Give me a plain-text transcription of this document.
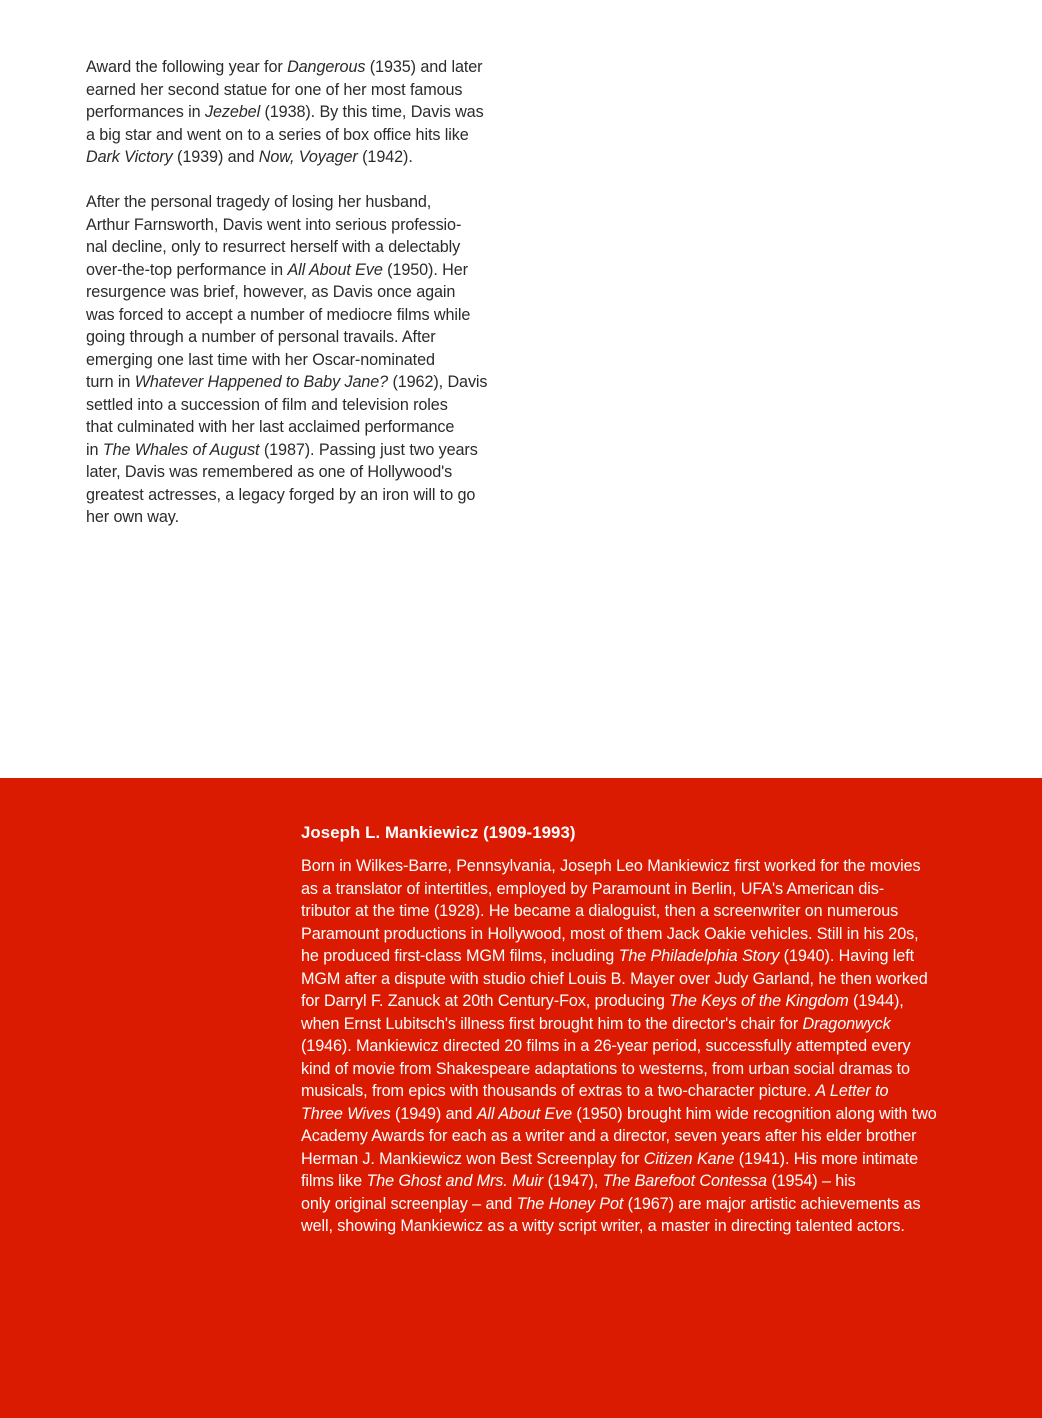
Award the following year for Dangerous (1935) and later
earned her second statue for one of her most famous
performances in Jezebel (1938). By this time, Davis was
a big star and went on to a series of box office hits like
Dark Victory (1939) and Now, Voyager (1942).

After the personal tragedy of losing her husband,
Arthur Farnsworth, Davis went into serious professio-
nal decline, only to resurrect herself with a delectably
over-the-top performance in All About Eve (1950). Her
resurgence was brief, however, as Davis once again
was forced to accept a number of mediocre films while
going through a number of personal travails. After
emerging one last time with her Oscar-nominated
turn in Whatever Happened to Baby Jane? (1962), Davis
settled into a succession of film and television roles
that culminated with her last acclaimed performance
in The Whales of August (1987). Passing just two years
later, Davis was remembered as one of Hollywood's
greatest actresses, a legacy forged by an iron will to go
her own way.

Joseph L. Mankiewicz (1909-1993)

Born in Wilkes-Barre, Pennsylvania, Joseph Leo Mankiewicz first worked for the movies
as a translator of intertitles, employed by Paramount in Berlin, UFA's American dis-
tributor at the time (1928). He became a dialoguist, then a screenwriter on numerous
Paramount productions in Hollywood, most of them Jack Oakie vehicles. Still in his 20s,
he produced first-class MGM films, including The Philadelphia Story (1940). Having left
MGM after a dispute with studio chief Louis B. Mayer over Judy Garland, he then worked
for Darryl F. Zanuck at 20th Century-Fox, producing The Keys of the Kingdom (1944),
when Ernst Lubitsch's illness first brought him to the director's chair for Dragonwyck
(1946). Mankiewicz directed 20 films in a 26-year period, successfully attempted every
kind of movie from Shakespeare adaptations to westerns, from urban social dramas to
musicals, from epics with thousands of extras to a two-character picture. A Letter to
Three Wives (1949) and All About Eve (1950) brought him wide recognition along with two
Academy Awards for each as a writer and a director, seven years after his elder brother
Herman J. Mankiewicz won Best Screenplay for Citizen Kane (1941). His more intimate
films like The Ghost and Mrs. Muir (1947), The Barefoot Contessa (1954) – his
only original screenplay – and The Honey Pot (1967) are major artistic achievements as
well, showing Mankiewicz as a witty script writer, a master in directing talented actors.
